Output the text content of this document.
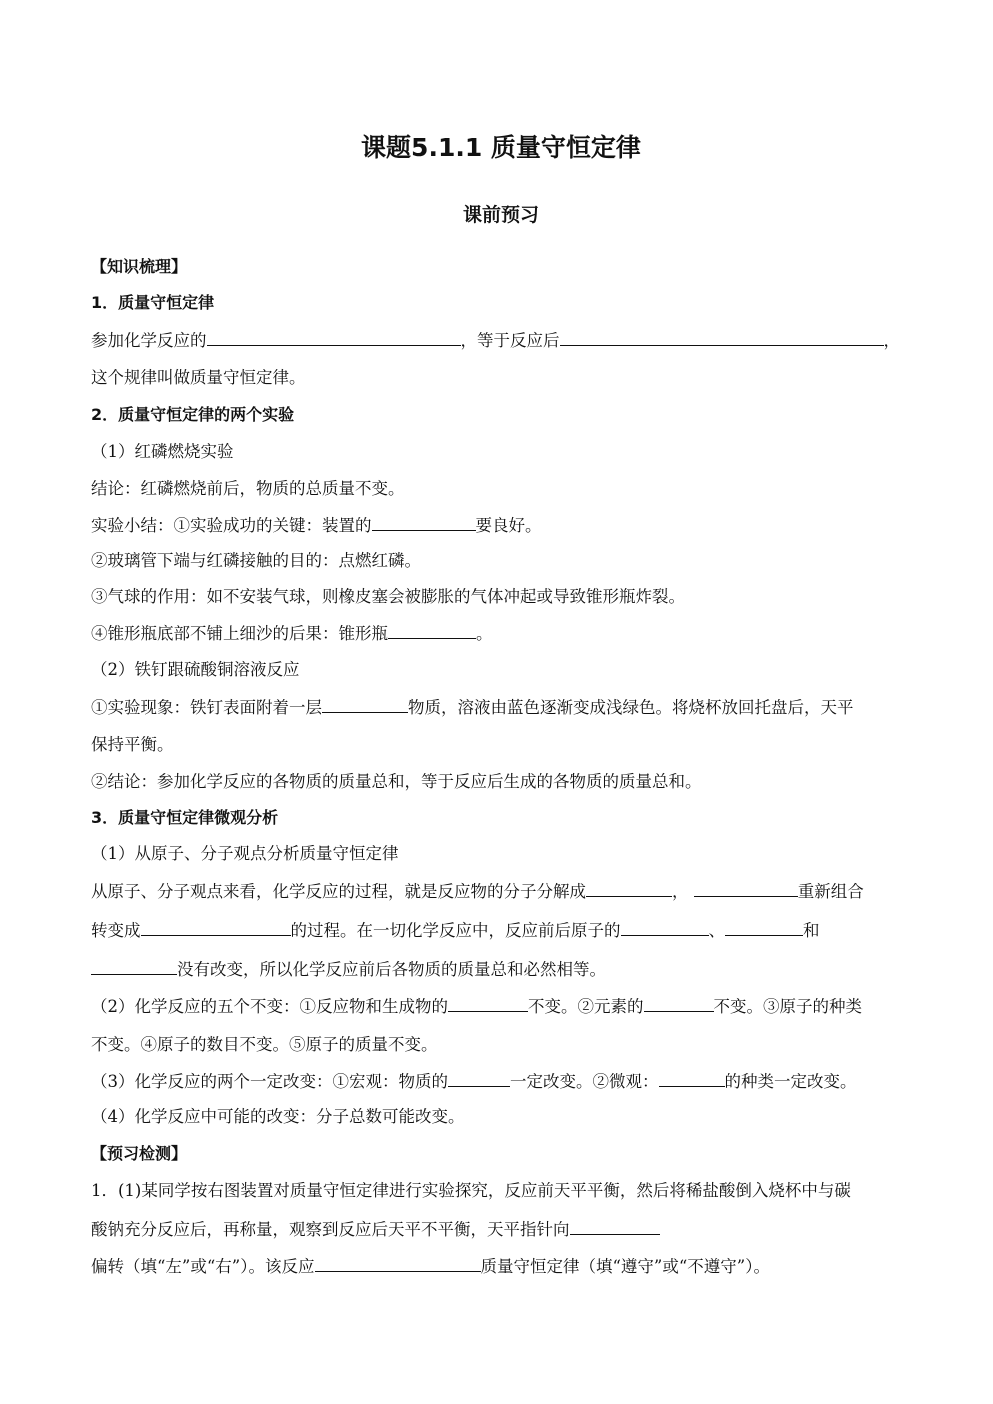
课题5.1.1 质量守恒定律
课前预习
【知识梳理】
1．质量守恒定律
参加化学反应的	，等于反应后	，
这个规律叫做质量守恒定律。
2．质量守恒定律的两个实验
（1）红磷燃烧实验
结论：红磷燃烧前后，物质的总质量不变。
实验小结：①实验成功的关键：装置的	要良好。
②玻璃管下端与红磷接触的目的：点燃红磷。
③气球的作用：如不安装气球，则橡皮塞会被膨胀的气体冲起或导致锥形瓶炸裂。
④锥形瓶底部不铺上细沙的后果：锥形瓶	。
（2）铁钉跟硫酸铜溶液反应
①实验现象：铁钉表面附着一层	物质，溶液由蓝色逐渐变成浅绿色。将烧杯放回托盘后，天平
保持平衡。
②结论：参加化学反应的各物质的质量总和，等于反应后生成的各物质的质量总和。
3．质量守恒定律微观分析
（1）从原子、分子观点分析质量守恒定律
从原子、分子观点来看，化学反应的过程，就是反应物的分子分解成	，	重新组合
转变成	的过程。在一切化学反应中，反应前后原子的	、	和
没有改变，所以化学反应前后各物质的质量总和必然相等。
（2）化学反应的五个不变：①反应物和生成物的	不变。②元素的	不变。③原子的种类
不变。④原子的数目不变。⑤原子的质量不变。
（3）化学反应的两个一定改变：①宏观：物质的	一定改变。②微观：	的种类一定改变。
（4）化学反应中可能的改变：分子总数可能改变。
【预习检测】
1．(1)某同学按右图装置对质量守恒定律进行实验探究，反应前天平平衡，然后将稀盐酸倒入烧杯中与碳
酸钠充分反应后，再称量，观察到反应后天平不平衡，天平指针向
偏转（填“左”或“右”）。该反应	质量守恒定律（填“遵守”或“不遵守”）。
